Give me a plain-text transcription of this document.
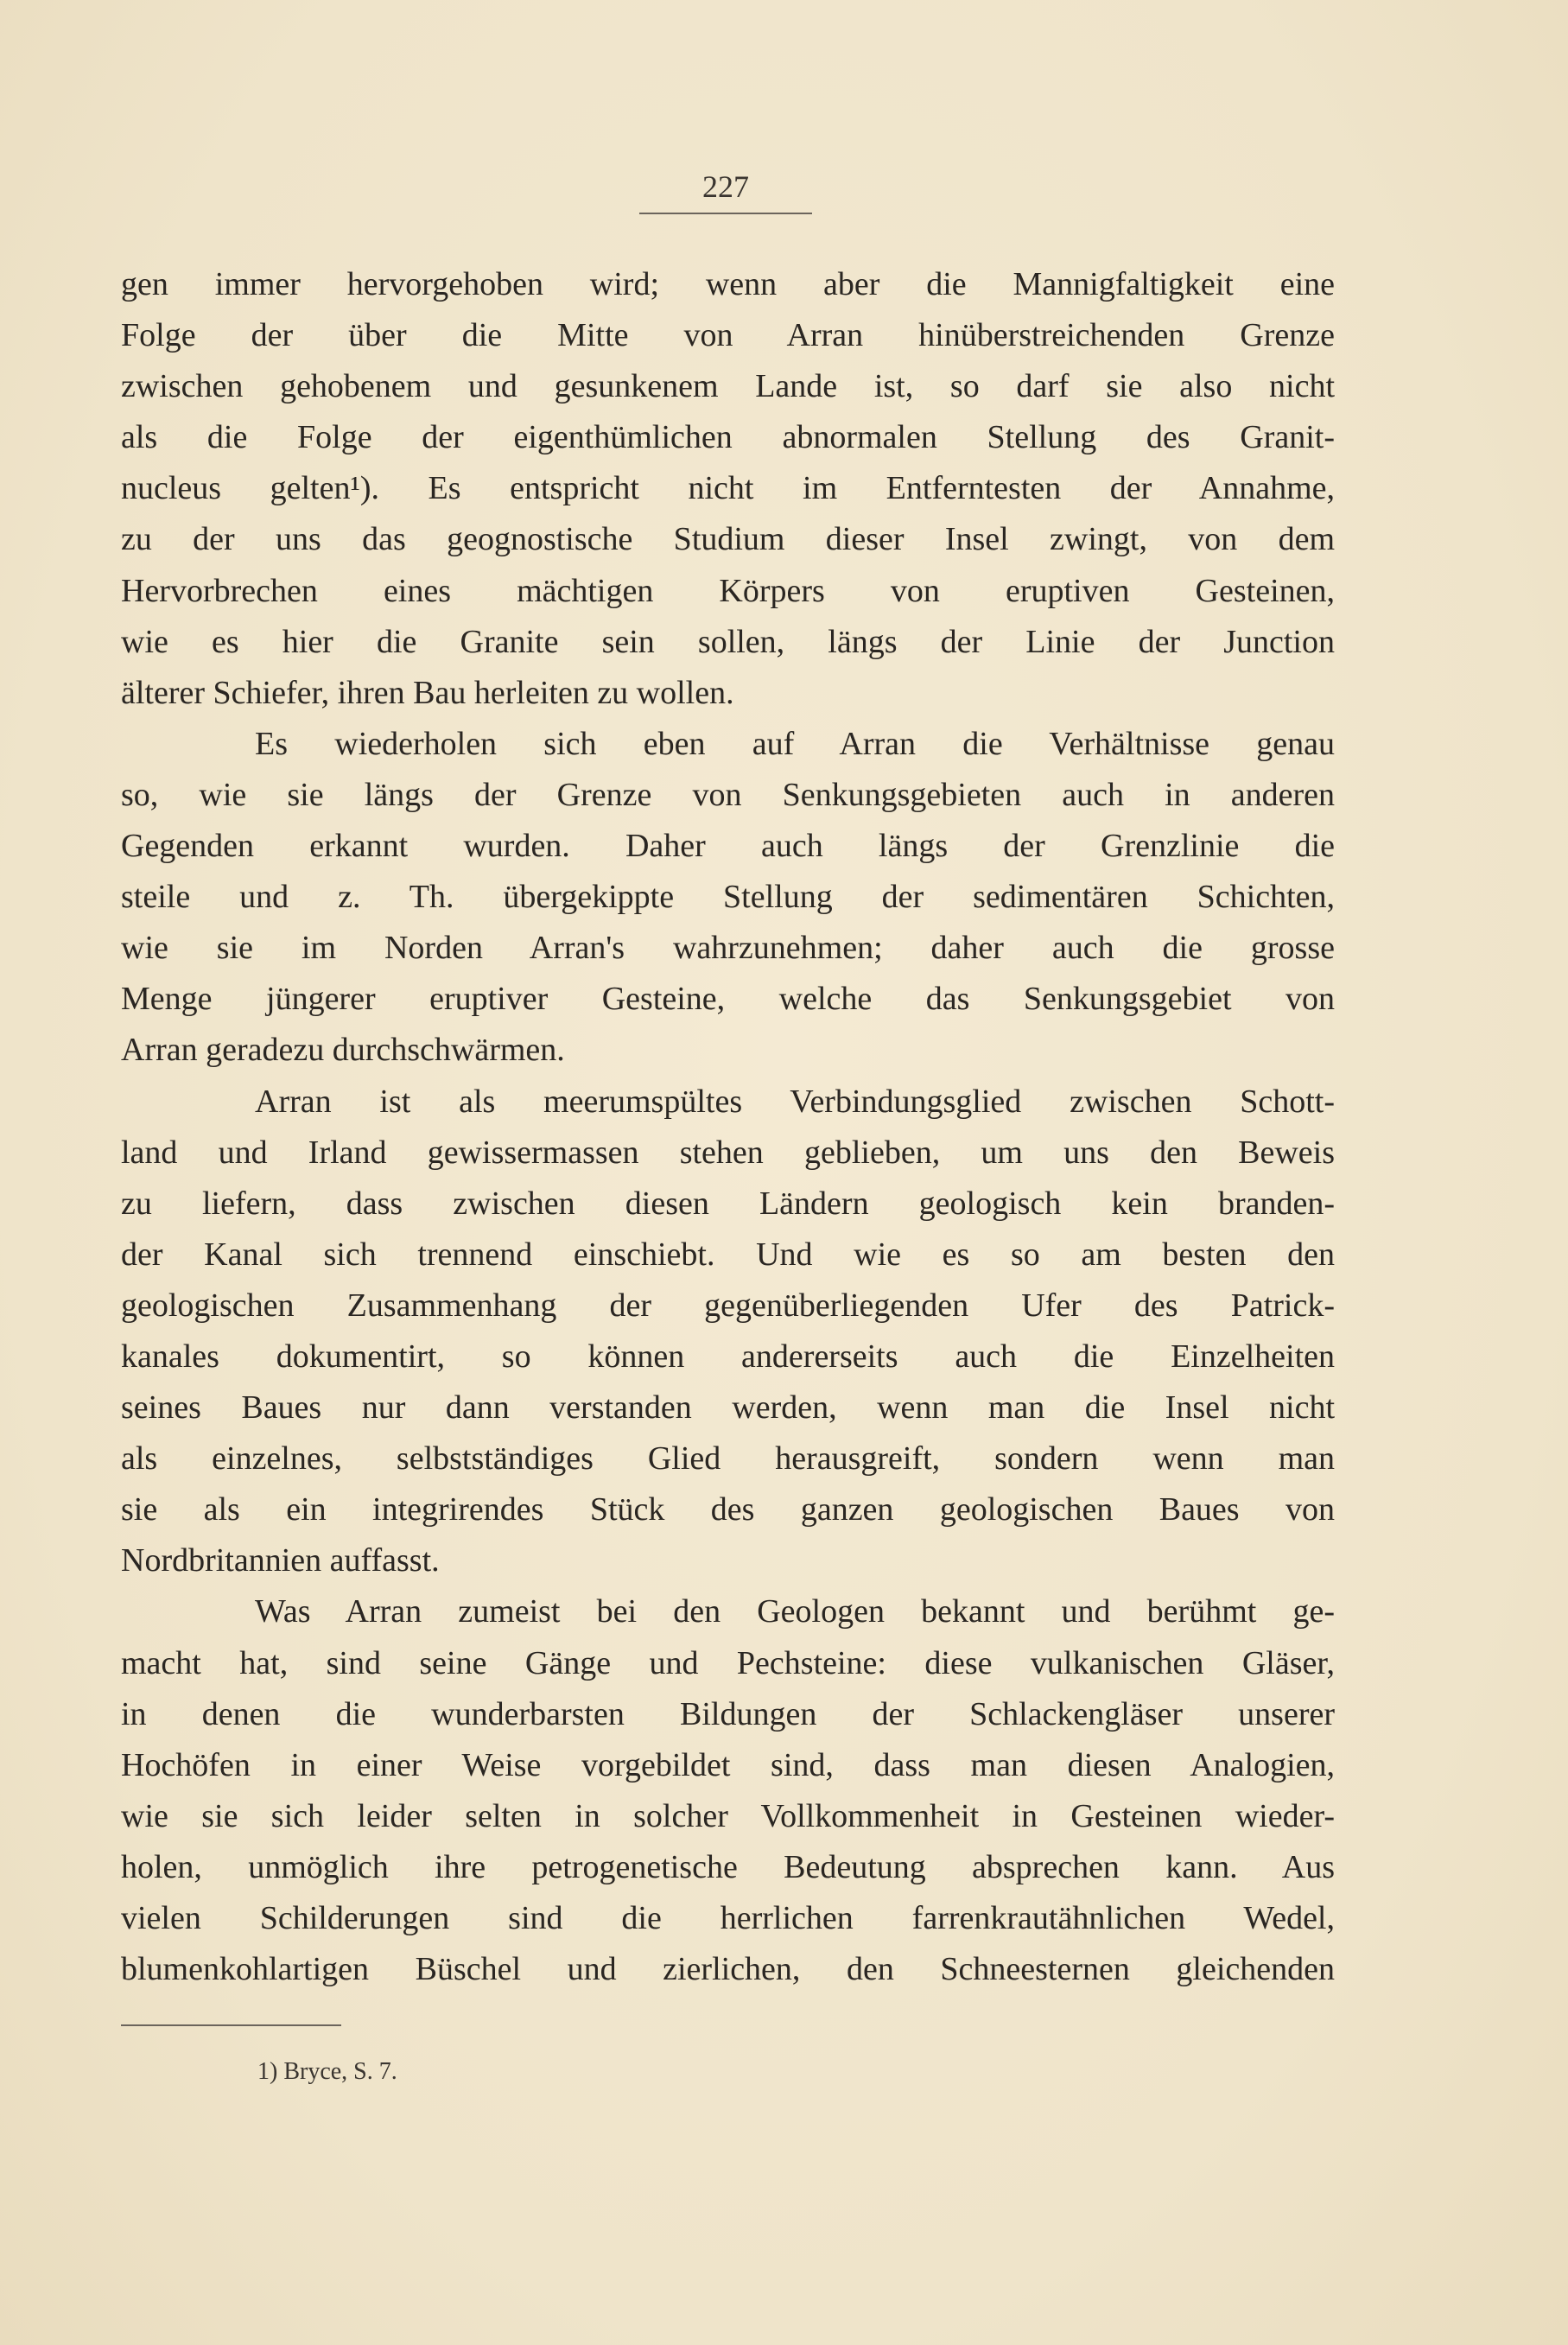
227
gen immer hervorgehoben wird; wenn aber die Mannigfaltigkeit eine
Folge der über die Mitte von Arran hinüberstreichenden Grenze
zwischen gehobenem und gesunkenem Lande ist, so darf sie also nicht
als die Folge der eigenthümlichen abnormalen Stellung des Granit-
nucleus gelten¹). Es entspricht nicht im Entferntesten der Annahme,
zu der uns das geognostische Studium dieser Insel zwingt, von dem
Hervorbrechen eines mächtigen Körpers von eruptiven Gesteinen,
wie es hier die Granite sein sollen, längs der Linie der Junction
älterer Schiefer, ihren Bau herleiten zu wollen.
Es wiederholen sich eben auf Arran die Verhältnisse genau
so, wie sie längs der Grenze von Senkungsgebieten auch in anderen
Gegenden erkannt wurden. Daher auch längs der Grenzlinie die
steile und z. Th. übergekippte Stellung der sedimentären Schichten,
wie sie im Norden Arran's wahrzunehmen; daher auch die grosse
Menge jüngerer eruptiver Gesteine, welche das Senkungsgebiet von
Arran geradezu durchschwärmen.
Arran ist als meerumspültes Verbindungsglied zwischen Schott-
land und Irland gewissermassen stehen geblieben, um uns den Beweis
zu liefern, dass zwischen diesen Ländern geologisch kein branden-
der Kanal sich trennend einschiebt. Und wie es so am besten den
geologischen Zusammenhang der gegenüberliegenden Ufer des Patrick-
kanales dokumentirt, so können andererseits auch die Einzelheiten
seines Baues nur dann verstanden werden, wenn man die Insel nicht
als einzelnes, selbstständiges Glied herausgreift, sondern wenn man
sie als ein integrirendes Stück des ganzen geologischen Baues von
Nordbritannien auffasst.
Was Arran zumeist bei den Geologen bekannt und berühmt ge-
macht hat, sind seine Gänge und Pechsteine: diese vulkanischen Gläser,
in denen die wunderbarsten Bildungen der Schlackengläser unserer
Hochöfen in einer Weise vorgebildet sind, dass man diesen Analogien,
wie sie sich leider selten in solcher Vollkommenheit in Gesteinen wieder-
holen, unmöglich ihre petrogenetische Bedeutung absprechen kann. Aus
vielen Schilderungen sind die herrlichen farrenkrautähnlichen Wedel,
blumenkohlartigen Büschel und zierlichen, den Schneesternen gleichenden
1) Bryce, S. 7.
